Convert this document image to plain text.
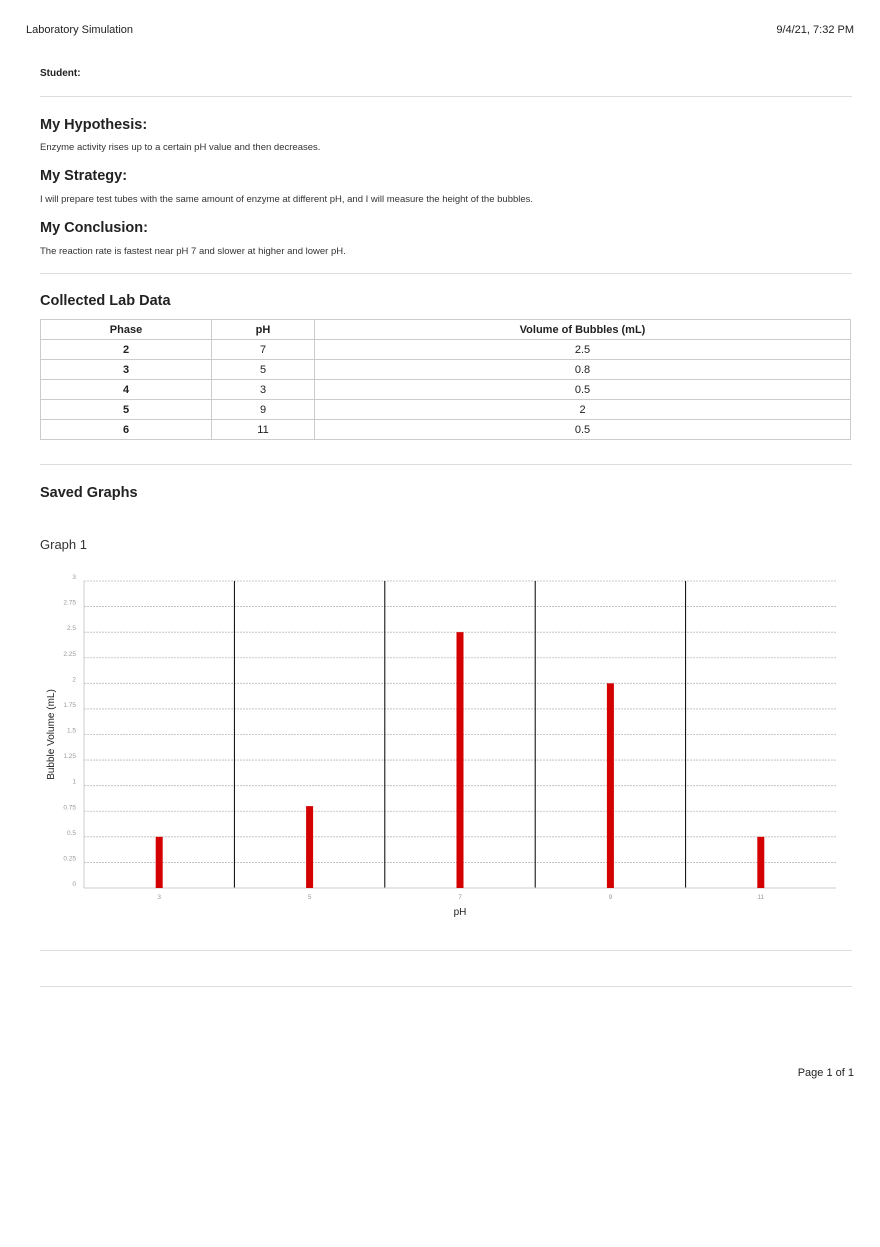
Laboratory Simulation	9/4/21, 7:32 PM
Student:
My Hypothesis:
Enzyme activity rises up to a certain pH value and then decreases.
My Strategy:
I will prepare test tubes with the same amount of enzyme at different pH, and I will measure the height of the bubbles.
My Conclusion:
The reaction rate is fastest near pH 7 and slower at higher and lower pH.
Collected Lab Data
Phase	pH	Volume of Bubbles (mL)
2	7	2.5
3	5	0.8
4	3	0.5
5	9	2
6	11	0.5
Saved Graphs
Graph 1
0
0.25
0.5
0.75
1
1.25
1.5
1.75
2
2.25
2.5
2.75
3
3	5	7	9	11
pH
Bubble Volume (mL)
Page 1 of 1
